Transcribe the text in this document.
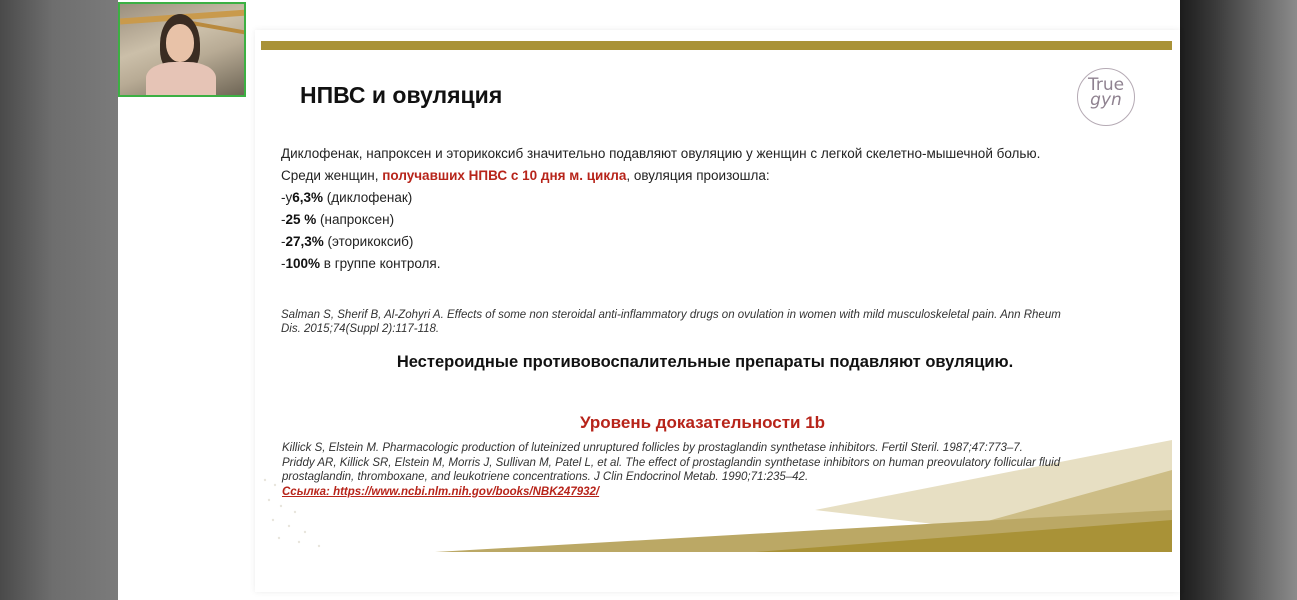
НПВС и овуляция	True
gyn

Диклофенак, напроксен и эторикоксиб значительно подавляют овуляцию у женщин с легкой скелетно-мышечной болью.

Среди женщин, получавших НПВС с 10 дня м. цикла, овуляция произошла:

-у6,3% (диклофенак)

-25 % (напроксен)

-27,3% (эторикоксиб)

-100% в группе контроля.

Salman S, Sherif B, Al-Zohyri A. Effects of some non steroidal anti-inflammatory drugs on ovulation in women with mild musculoskeletal pain. Ann Rheum Dis. 2015;74(Suppl 2):117-118.
Нестероидные противовоспалительные препараты подавляют овуляцию.
Уровень доказательности 1b

Killick S, Elstein M. Pharmacologic production of luteinized unruptured follicles by prostaglandin synthetase inhibitors. Fertil Steril. 1987;47:773–7.

Priddy AR, Killick SR, Elstein M, Morris J, Sullivan M, Patel L, et al. The effect of prostaglandin synthetase inhibitors on human preovulatory follicular fluid prostaglandin, thromboxane, and leukotriene concentrations. J Clin Endocrinol Metab. 1990;71:235–42.

Ссылка: https://www.ncbi.nlm.nih.gov/books/NBK247932/
